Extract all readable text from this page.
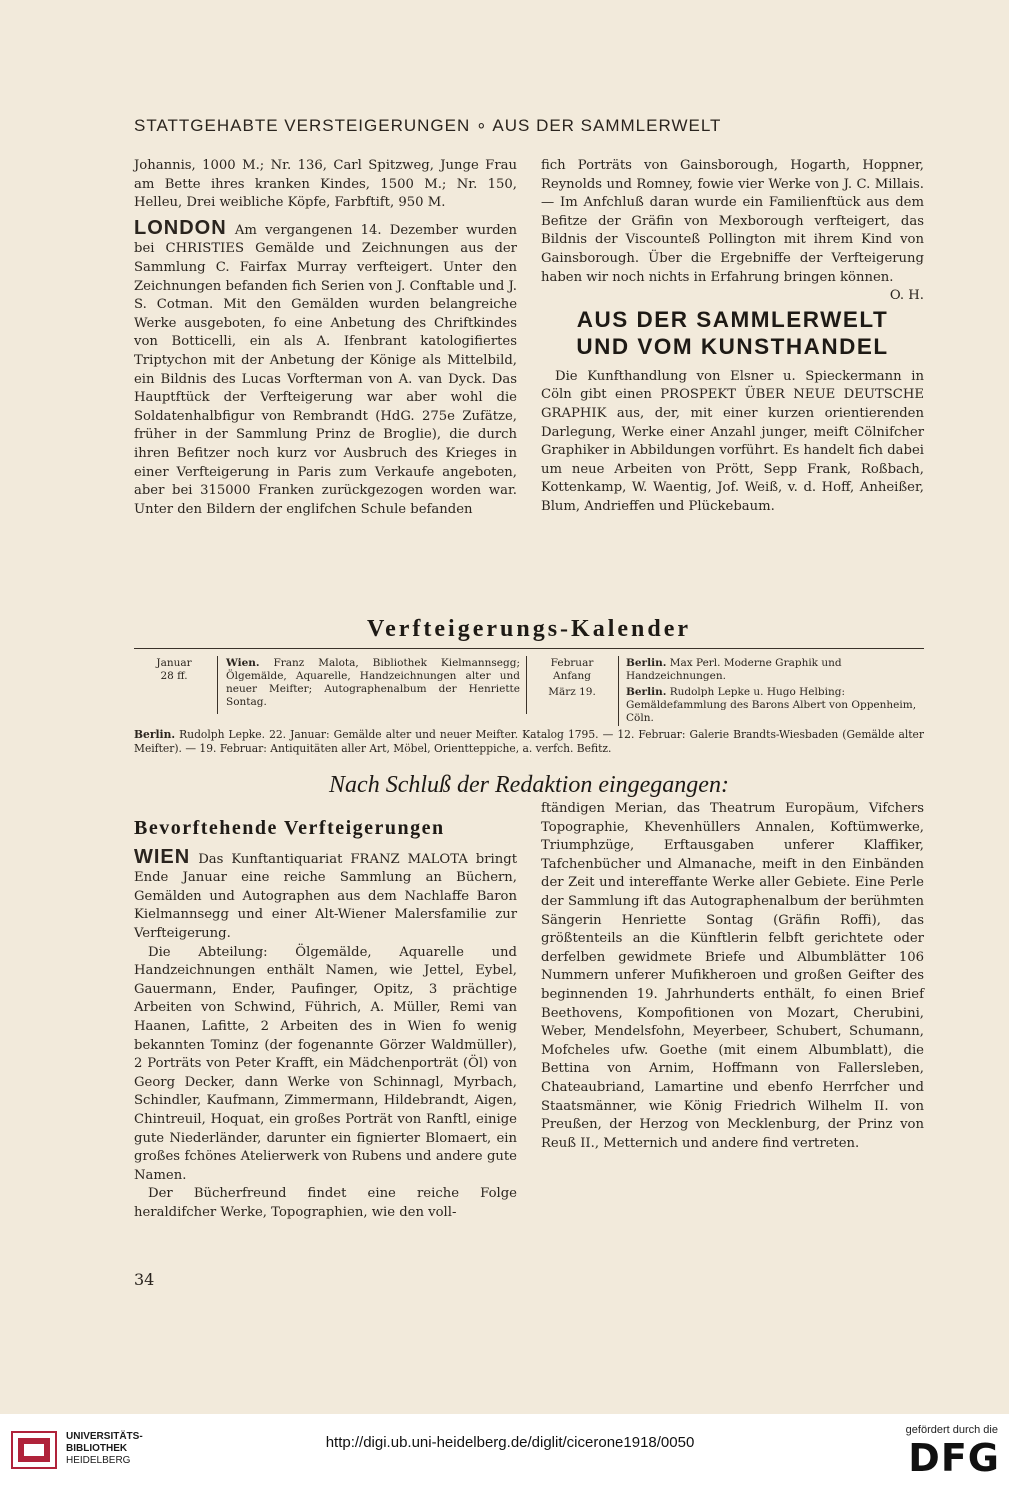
STATTGEHABTE VERSTEIGERUNGEN ∘ AUS DER SAMMLERWELT

Johannis, 1000 M.; Nr. 136, Carl Spitzweg, Junge Frau am Bette ihres kranken Kindes, 1500 M.; Nr. 150, Helleu, Drei weibliche Köpfe, Farbftift, 950 M.

LONDON Am vergangenen 14. Dezember wurden bei CHRISTIES Gemälde und Zeichnungen aus der Sammlung C. Fairfax Murray verfteigert. Unter den Zeichnungen befanden fich Serien von J. Conftable und J. S. Cotman. Mit den Gemälden wurden belangreiche Werke ausgeboten, fo eine Anbetung des Chriftkindes von Botticelli, ein als A. Ifenbrant katologifiertes Triptychon mit der Anbetung der Könige als Mittelbild, ein Bildnis des Lucas Vorfterman von A. van Dyck. Das Hauptftück der Verfteigerung war aber wohl die Soldatenhalbfigur von Rembrandt (HdG. 275e Zufätze, früher in der Sammlung Prinz de Broglie), die durch ihren Befitzer noch kurz vor Ausbruch des Krieges in einer Verfteigerung in Paris zum Verkaufe angeboten, aber bei 315000 Franken zurückgezogen worden war. Unter den Bildern der englifchen Schule befanden

fich Porträts von Gainsborough, Hogarth, Hoppner, Reynolds und Romney, fowie vier Werke von J. C. Millais. — Im Anfchluß daran wurde ein Familienftück aus dem Befitze der Gräfin von Mexborough verfteigert, das Bildnis der Viscounteß Pollington mit ihrem Kind von Gainsborough. Über die Ergebniffe der Verfteigerung haben wir noch nichts in Erfahrung bringen können.
O. H.

AUS DER SAMMLERWELT
UND VOM KUNSTHANDEL

Die Kunfthandlung von Elsner u. Spieckermann in Cöln gibt einen PROSPEKT ÜBER NEUE DEUTSCHE GRAPHIK aus, der, mit einer kurzen orientierenden Darlegung, Werke einer Anzahl junger, meift Cölnifcher Graphiker in Abbildungen vorführt. Es handelt fich dabei um neue Arbeiten von Prött, Sepp Frank, Roßbach, Kottenkamp, W. Waentig, Jof. Weiß, v. d. Hoff, Anheißer, Blum, Andrieffen und Plückebaum.

Verfteigerungs-Kalender
Januar
28 ff.
Wien. Franz Malota, Bibliothek Kielmannsegg; Ölgemälde, Aquarelle, Handzeichnungen alter und neuer Meifter; Autographenalbum der Henriette Sontag.
Februar
Anfang
Berlin. Max Perl. Moderne Graphik und Handzeichnungen.
März 19.	Berlin. Rudolph Lepke u. Hugo Helbing: Gemäldefammlung des Barons Albert von Oppenheim, Cöln.
Berlin. Rudolph Lepke. 22. Januar: Gemälde alter und neuer Meifter. Katalog 1795. — 12. Februar: Galerie Brandts-Wiesbaden (Gemälde alter Meifter). — 19. Februar: Antiquitäten aller Art, Möbel, Orientteppiche, a. verfch. Befitz.
Nach Schluß der Redaktion eingegangen:
Bevorftehende Verfteigerungen

WIEN Das Kunftantiquariat FRANZ MALOTA bringt Ende Januar eine reiche Sammlung an Büchern, Gemälden und Autographen aus dem Nachlaffe Baron Kielmannsegg und einer Alt-Wiener Malersfamilie zur Verfteigerung.

Die Abteilung: Ölgemälde, Aquarelle und Handzeichnungen enthält Namen, wie Jettel, Eybel, Gauermann, Ender, Paufinger, Opitz, 3 prächtige Arbeiten von Schwind, Führich, A. Müller, Remi van Haanen, Lafitte, 2 Arbeiten des in Wien fo wenig bekannten Tominz (der fogenannte Görzer Waldmüller), 2 Porträts von Peter Krafft, ein Mädchenporträt (Öl) von Georg Decker, dann Werke von Schinnagl, Myrbach, Schindler, Kaufmann, Zimmermann, Hildebrandt, Aigen, Chintreuil, Hoquat, ein großes Porträt von Ranftl, einige gute Niederländer, darunter ein fignierter Blomaert, ein großes fchönes Atelierwerk von Rubens und andere gute Namen.

Der Bücherfreund findet eine reiche Folge heraldifcher Werke, Topographien, wie den voll-

ftändigen Merian, das Theatrum Europäum, Vifchers Topographie, Khevenhüllers Annalen, Koftümwerke, Triumphzüge, Erftausgaben unferer Klaffiker, Tafchenbücher und Almanache, meift in den Einbänden der Zeit und intereffante Werke aller Gebiete. Eine Perle der Sammlung ift das Autographenalbum der berühmten Sängerin Henriette Sontag (Gräfin Roffi), das größtenteils an die Künftlerin felbft gerichtete oder derfelben gewidmete Briefe und Albumblätter 106 Nummern unferer Mufikheroen und großen Geifter des beginnenden 19. Jahrhunderts enthält, fo einen Brief Beethovens, Kompofitionen von Mozart, Cherubini, Weber, Mendelsfohn, Meyerbeer, Schubert, Schumann, Mofcheles ufw. Goethe (mit einem Albumblatt), die Bettina von Arnim, Hoffmann von Fallersleben, Chateaubriand, Lamartine und ebenfo Herrfcher und Staatsmänner, wie König Friedrich Wilhelm II. von Preußen, der Herzog von Mecklenburg, der Prinz von Reuß II., Metternich und andere find vertreten.

34
UNIVERSITÄTS-
BIBLIOTHEK
HEIDELBERG
http://digi.ub.uni-heidelberg.de/diglit/cicerone1918/0050
gefördert durch die
DFG
